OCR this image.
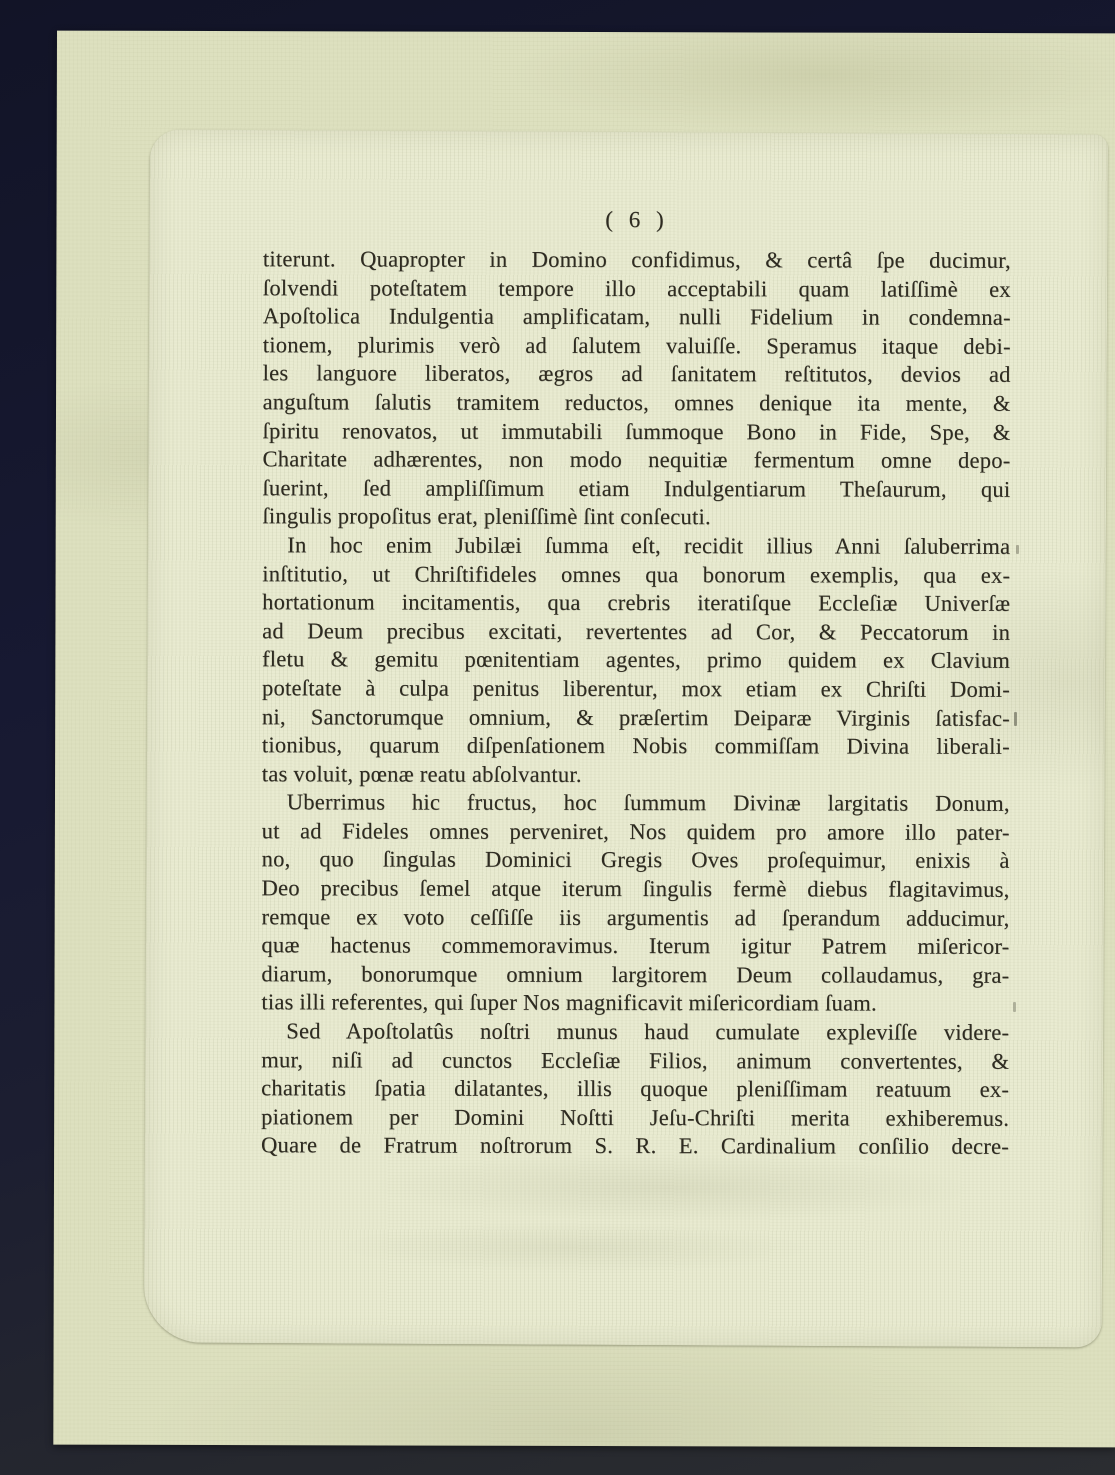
( 6 )
titerunt. Quapropter in Domino confidimus, & certâ ſpe ducimur,
ſolvendi poteſtatem tempore illo acceptabili quam latiſſimè ex
Apoſtolica Indulgentia amplificatam, nulli Fidelium in condemna-
tionem, plurimis verò ad ſalutem valuiſſe. Speramus itaque debi-
les languore liberatos, ægros ad ſanitatem reſtitutos, devios ad
anguſtum ſalutis tramitem reductos, omnes denique ita mente, &
ſpiritu renovatos, ut immutabili ſummoque Bono in Fide, Spe, &
Charitate adhærentes, non modo nequitiæ fermentum omne depo-
ſuerint, ſed ampliſſimum etiam Indulgentiarum Theſaurum, qui
ſingulis propoſitus erat, pleniſſimè ſint conſecuti.
In hoc enim Jubilæi ſumma eſt, recidit illius Anni ſaluberrima
inſtitutio, ut Chriſtifideles omnes qua bonorum exemplis, qua ex-
hortationum incitamentis, qua crebris iteratiſque Eccleſiæ Univerſæ
ad Deum precibus excitati, revertentes ad Cor, & Peccatorum in
fletu & gemitu pœnitentiam agentes, primo quidem ex Clavium
poteſtate à culpa penitus liberentur, mox etiam ex Chriſti Domi-
ni, Sanctorumque omnium, & præſertim Deiparæ Virginis ſatisfac-
tionibus, quarum diſpenſationem Nobis commiſſam Divina liberali-
tas voluit, pœnæ reatu abſolvantur.
Uberrimus hic fructus, hoc ſummum Divinæ largitatis Donum,
ut ad Fideles omnes perveniret, Nos quidem pro amore illo pater-
no, quo ſingulas Dominici Gregis Oves proſequimur, enixis à
Deo precibus ſemel atque iterum ſingulis fermè diebus flagitavimus,
remque ex voto ceſſiſſe iis argumentis ad ſperandum adducimur,
quæ hactenus commemoravimus. Iterum igitur Patrem miſericor-
diarum, bonorumque omnium largitorem Deum collaudamus, gra-
tias illi referentes, qui ſuper Nos magnificavit miſericordiam ſuam.
Sed Apoſtolatûs noſtri munus haud cumulate expleviſſe videre-
mur, niſi ad cunctos Eccleſiæ Filios, animum convertentes, &
charitatis ſpatia dilatantes, illis quoque pleniſſimam reatuum ex-
piationem per Domini Noſtti Jeſu-Chriſti merita exhiberemus.
Quare de Fratrum noſtrorum S. R. E. Cardinalium conſilio decre-
